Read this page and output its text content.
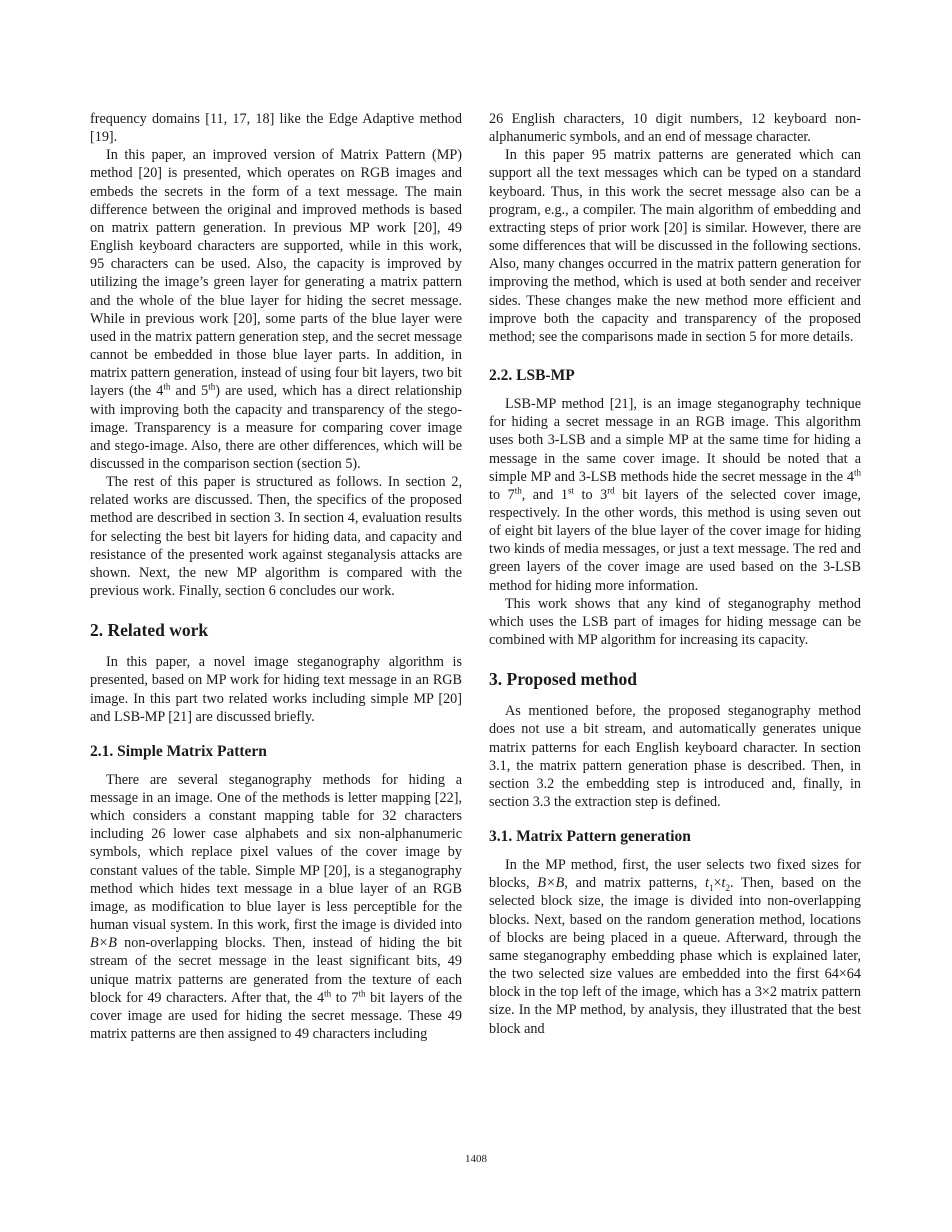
frequency domains [11, 17, 18] like the Edge Adaptive method [19].

In this paper, an improved version of Matrix Pattern (MP) method [20] is presented, which operates on RGB images and embeds the secrets in the form of a text message. The main difference between the original and improved methods is based on matrix pattern generation. In previous MP work [20], 49 English keyboard characters are supported, while in this work, 95 characters can be used. Also, the capacity is improved by utilizing the image’s green layer for generating a matrix pattern and the whole of the blue layer for hiding the secret message. While in previous work [20], some parts of the blue layer were used in the matrix pattern generation step, and the secret message cannot be embedded in those blue layer parts. In addition, in matrix pattern generation, instead of using four bit layers, two bit layers (the 4th and 5th) are used, which has a direct relationship with improving both the capacity and transparency of the stego-image. Transparency is a measure for comparing cover image and stego-image. Also, there are other differences, which will be discussed in the comparison section (section 5).

The rest of this paper is structured as follows. In section 2, related works are discussed. Then, the specifics of the proposed method are described in section 3. In section 4, evaluation results for selecting the best bit layers for hiding data, and capacity and resistance of the presented work against steganalysis attacks are shown. Next, the new MP algorithm is compared with the previous work. Finally, section 6 concludes our work.

2. Related work

In this paper, a novel image steganography algorithm is presented, based on MP work for hiding text message in an RGB image. In this part two related works including simple MP [20] and LSB-MP [21] are discussed briefly.

2.1. Simple Matrix Pattern

There are several steganography methods for hiding a message in an image. One of the methods is letter mapping [22], which considers a constant mapping table for 32 characters including 26 lower case alphabets and six non-alphanumeric symbols, which replace pixel values of the cover image by constant values of the table. Simple MP [20], is a steganography method which hides text message in a blue layer of an RGB image, as modification to blue layer is less perceptible for the human visual system. In this work, first the image is divided into B×B non-overlapping blocks. Then, instead of hiding the bit stream of the secret message in the least significant bits, 49 unique matrix patterns are generated from the texture of each block for 49 characters. After that, the 4th to 7th bit layers of the cover image are used for hiding the secret message. These 49 matrix patterns are then assigned to 49 characters including

26 English characters, 10 digit numbers, 12 keyboard non-alphanumeric symbols, and an end of message character.

In this paper 95 matrix patterns are generated which can support all the text messages which can be typed on a standard keyboard. Thus, in this work the secret message also can be a program, e.g., a compiler. The main algorithm of embedding and extracting steps of prior work [20] is similar. However, there are some differences that will be discussed in the following sections. Also, many changes occurred in the matrix pattern generation for improving the method, which is used at both sender and receiver sides. These changes make the new method more efficient and improve both the capacity and transparency of the proposed method; see the comparisons made in section 5 for more details.

2.2. LSB-MP

LSB-MP method [21], is an image steganography technique for hiding a secret message in an RGB image. This algorithm uses both 3-LSB and a simple MP at the same time for hiding a message in the same cover image. It should be noted that a simple MP and 3-LSB methods hide the secret message in the 4th to 7th, and 1st to 3rd bit layers of the selected cover image, respectively. In the other words, this method is using seven out of eight bit layers of the blue layer of the cover image for hiding two kinds of media messages, or just a text message. The red and green layers of the cover image are used based on the 3-LSB method for hiding more information.

This work shows that any kind of steganography method which uses the LSB part of images for hiding message can be combined with MP algorithm for increasing its capacity.

3. Proposed method

As mentioned before, the proposed steganography method does not use a bit stream, and automatically generates unique matrix patterns for each English keyboard character. In section 3.1, the matrix pattern generation phase is described. Then, in section 3.2 the embedding step is introduced and, finally, in section 3.3 the extraction step is defined.

3.1. Matrix Pattern generation

In the MP method, first, the user selects two fixed sizes for blocks, B×B, and matrix patterns, $t_1\times t_2$. Then, based on the selected block size, the image is divided into non-overlapping blocks. Next, based on the random generation method, locations of blocks are being placed in a queue. Afterward, through the same steganography embedding phase which is explained later, the two selected size values are embedded into the first 64×64 block in the top left of the image, which has a 3×2 matrix pattern size. In the MP method, by analysis, they illustrated that the best block and

1408
